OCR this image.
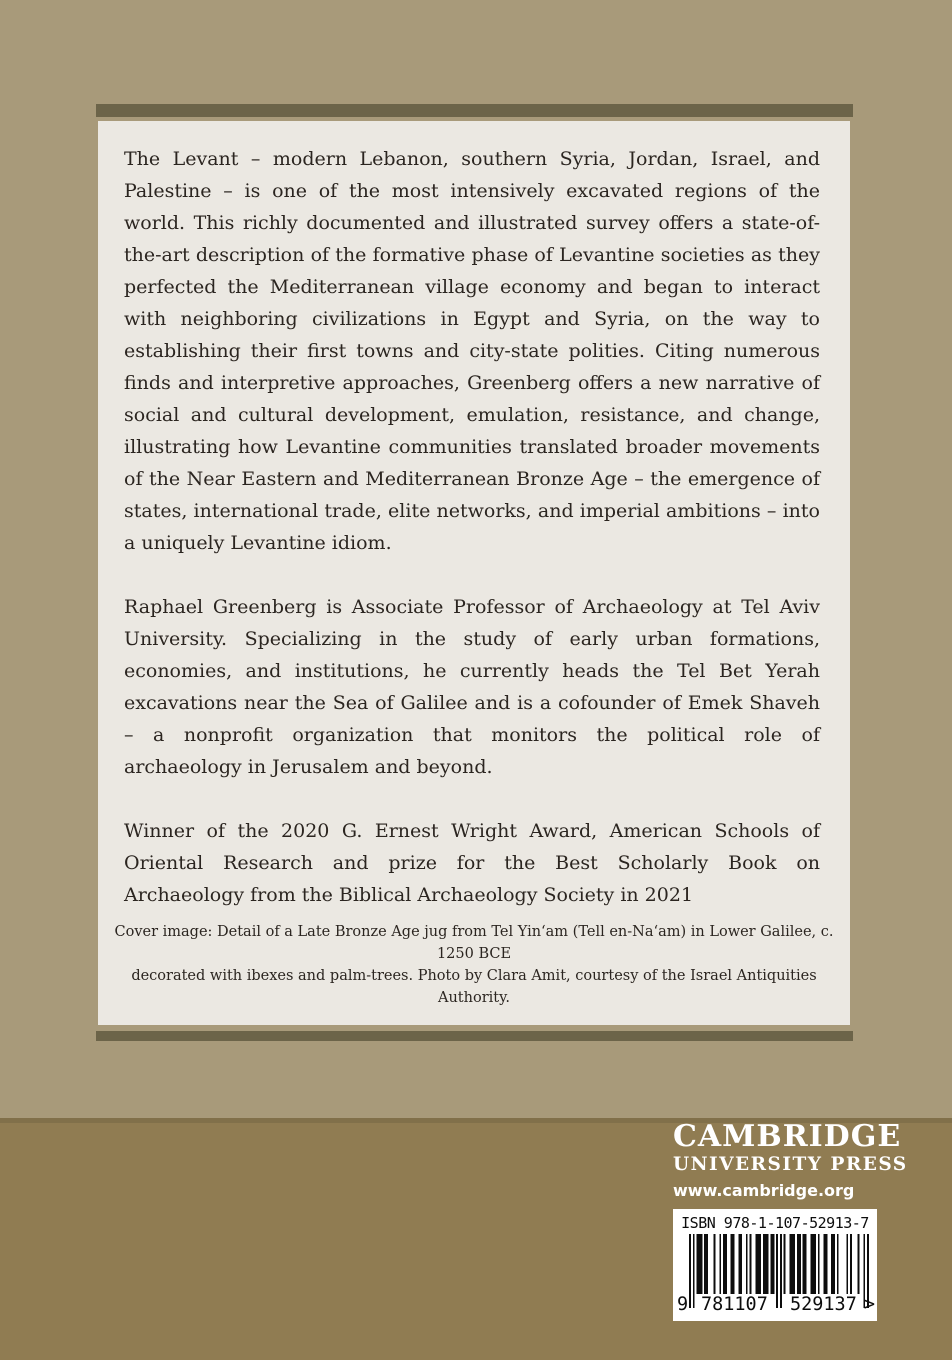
The Levant – modern Lebanon, southern Syria, Jordan, Israel, and Palestine – is one of the most intensively excavated regions of the world. This richly documented and illustrated survey offers a state-of- the-art description of the formative phase of Levantine societies as they perfected the Mediterranean village economy and began to interact with neighboring civilizations in Egypt and Syria, on the way to establishing their first towns and city-state polities. Citing numerous finds and interpretive approaches, Greenberg offers a new narrative of social and cultural development, emulation, resistance, and change, illustrating how Levantine communities translated broader movements of the Near Eastern and Mediterranean Bronze Age – the emergence of states, international trade, elite networks, and imperial ambitions – into a uniquely Levantine idiom.

Raphael Greenberg is Associate Professor of Archaeology at Tel Aviv University. Specializing in the study of early urban formations, economies, and institutions, he currently heads the Tel Bet Yerah excavations near the Sea of Galilee and is a cofounder of Emek Shaveh – a nonprofit organization that monitors the political role of archaeology in Jerusalem and beyond.

Winner of the 2020 G. Ernest Wright Award, American Schools of Oriental Research and prize for the Best Scholarly Book on Archaeology from the Biblical Archaeology Society in 2021

Cover image: Detail of a Late Bronze Age jug from Tel Yin‘am (Tell en-Na‘am) in Lower Galilee, c. 1250 BCE
decorated with ibexes and palm-trees. Photo by Clara Amit, courtesy of the Israel Antiquities Authority.
CAMBRIDGE
UNIVERSITY PRESS
www.cambridge.org
ISBN 978-1-107-52913-7
9 781107 529137 >
